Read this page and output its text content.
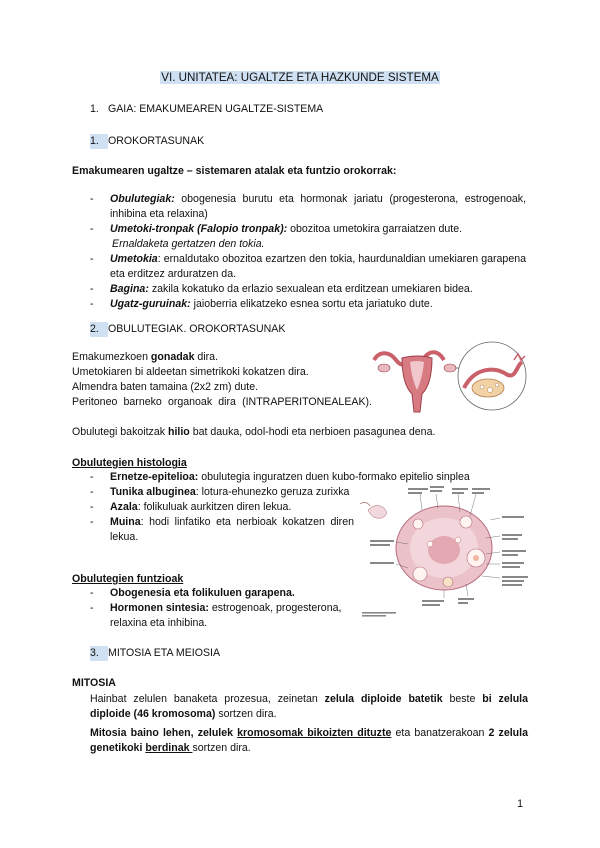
VI. UNITATEA: UGALTZE ETA HAZKUNDE SISTEMA
1. GAIA: EMAKUMEAREN UGALTZE-SISTEMA
1. OROKORTASUNAK
Emakumearen ugaltze – sistemaren atalak eta funtzio orokorrak:
- Obulutegiak: obogenesia burutu eta hormonak jariatu (progesterona, estrogenoak, inhibina eta relaxina)
- Umetoki-tronpak (Falopio tronpak): obozitoa umetokira garraiatzen dute.
Ernaldaketa gertatzen den tokia.
- Umetokia: ernaldutako obozitoa ezartzen den tokia, haurdunaldian umekiaren garapena eta erditzez arduratzen da.
- Bagina: zakila kokatuko da erlazio sexualean eta erditzean umekiaren bidea.
- Ugatz-guruinak: jaioberria elikatzeko esnea sortu eta jariatuko dute.
2. OBULUTEGIAK. OROKORTASUNAK
Emakumezkoen gonadak dira.
Umetokiaren bi aldeetan simetrikoki kokatzen dira.
Almendra baten tamaina (2x2 zm) dute.
Peritoneo barneko organoak dira (INTRAPERITONEALEAK).
Obulutegi bakoitzak hilio bat dauka, odol-hodi eta nerbioen pasagunea dena.
Obulutegien histologia
- Ernetze-epitelioa: obulutegia inguratzen duen kubo-formako epitelio sinplea
- Tunika albuginea: lotura-ehunezko geruza zurixka
- Azala: folikuluak aurkitzen diren lekua.
- Muina: hodi linfatiko eta nerbioak kokatzen diren lekua.
Obulutegien funtzioak
- Obogenesia eta folikuluen garapena.
- Hormonen sintesia: estrogenoak, progesterona, relaxina eta inhibina.
3. MITOSIA ETA MEIOSIA
MITOSIA
Hainbat zelulen banaketa prozesua, zeinetan zelula diploide batetik beste bi zelula diploide (46 kromosoma) sortzen dira.
Mitosia baino lehen, zelulek kromosomak bikoizten dituzte eta banatzerakoan 2 zelula genetikoki berdinak sortzen dira.
1
